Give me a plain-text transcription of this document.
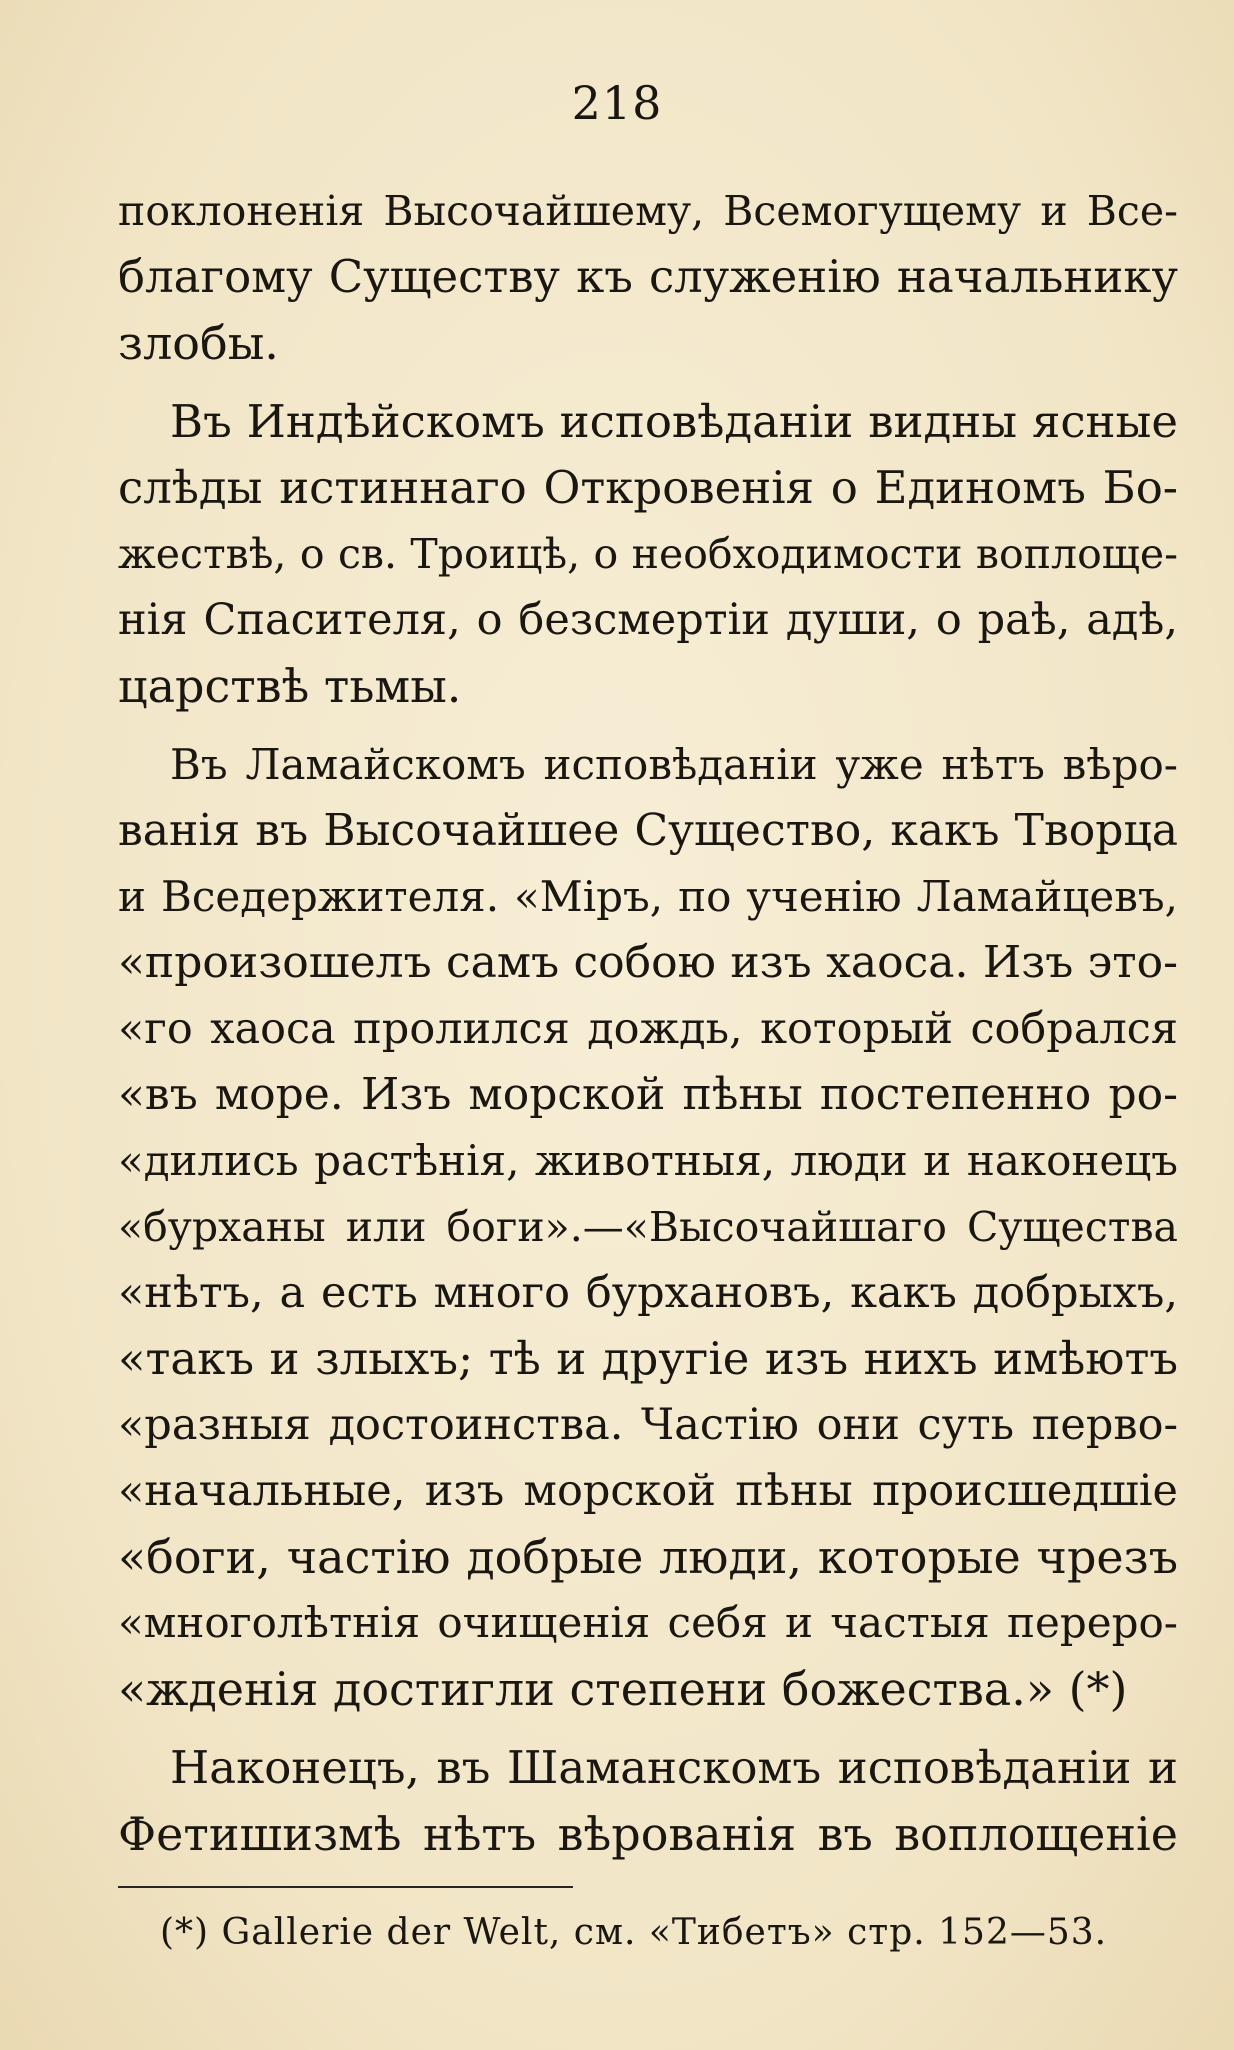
218
поклоненія Высочайшему, Всемогущему и Все-
благому Существу къ служенію начальнику
злобы.
Въ Индѣйскомъ исповѣданіи видны ясные
слѣды истиннаго Откровенія о Единомъ Бо-
жествѣ, о св. Троицѣ, о необходимости воплоще-
нія Спасителя, о безсмертіи души, о раѣ, адѣ,
царствѣ тьмы.
Въ Ламайскомъ исповѣданіи уже нѣтъ вѣро-
ванія въ Высочайшее Существо, какъ Творца
и Вседержителя. «Міръ, по ученію Ламайцевъ,
«произошелъ самъ собою изъ хаоса. Изъ это-
«го хаоса пролился дождь, который собрался
«въ море. Изъ морской пѣны постепенно ро-
«дились растѣнія, животныя, люди и наконецъ
«бурханы или боги».—«Высочайшаго Существа
«нѣтъ, а есть много бурхановъ, какъ добрыхъ,
«такъ и злыхъ; тѣ и другіе изъ нихъ имѣютъ
«разныя достоинства. Частію они суть перво-
«начальные, изъ морской пѣны происшедшіе
«боги, частію добрые люди, которые чрезъ
«многолѣтнія очищенія себя и частыя переро-
«жденія достигли степени божества.» (*)
Наконецъ, въ Шаманскомъ исповѣданіи и
Фетишизмѣ нѣтъ вѣрованія въ воплощеніе
(*) Gallerie der Welt, см. «Тибетъ» стр. 152—53.
